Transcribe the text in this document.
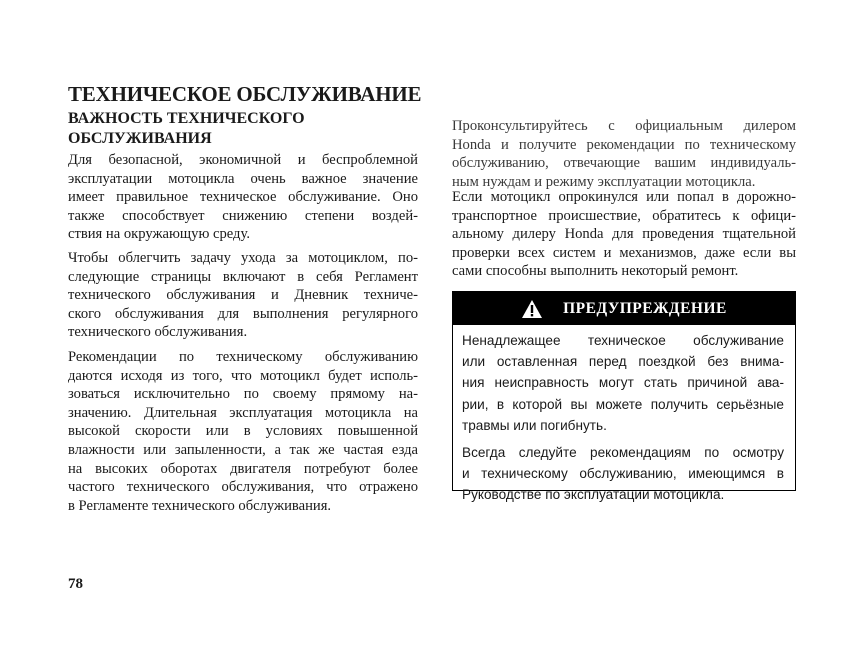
ТЕХНИЧЕСКОЕ ОБСЛУЖИВАНИЕ
ВАЖНОСТЬ ТЕХНИЧЕСКОГО
ОБСЛУЖИВАНИЯ
Для безопасной, экономичной и беспроблемной
эксплуатации мотоцикла очень важное значение
имеет правильное техническое обслуживание. Оно
также способствует снижению степени воздей-
ствия на окружающую среду.
Чтобы облегчить задачу ухода за мотоциклом, по-
следующие страницы включают в себя Регламент
технического обслуживания и Дневник техниче-
ского обслуживания для выполнения регулярного
технического обслуживания.
Рекомендации по техническому обслуживанию
даются исходя из того, что мотоцикл будет исполь-
зоваться исключительно по своему прямому на-
значению. Длительная эксплуатация мотоцикла на
высокой скорости или в условиях повышенной
влажности или запыленности, а так же частая езда
на высоких оборотах двигателя потребуют более
частого технического обслуживания, что отражено
в Регламенте технического обслуживания.
Проконсультируйтесь с официальным дилером
Honda и получите рекомендации по техническому
обслуживанию, отвечающие вашим индивидуаль-
ным нуждам и режиму эксплуатации мотоцикла.
Если мотоцикл опрокинулся или попал в дорожно-
транспортное происшествие, обратитесь к офици-
альному дилеру Honda для проведения тщательной
проверки всех систем и механизмов, даже если вы
сами способны выполнить некоторый ремонт.
ПРЕДУПРЕЖДЕНИЕ
Ненадлежащее техническое обслуживание
или оставленная перед поездкой без внима-
ния неисправность могут стать причиной ава-
рии, в которой вы можете получить серьёзные
травмы или погибнуть.
Всегда следуйте рекомендациям по осмотру
и техническому обслуживанию, имеющимся в
Руководстве по эксплуатации мотоцикла.
78
